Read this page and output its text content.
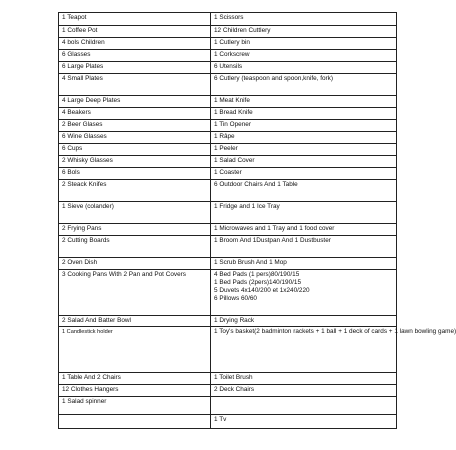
1 Teapot	1 Scissors

1 Coffee Pot	12 Children Cuttlery

4 bols Children	1 Cutlery bin

6 Glasses	1 Corkscrew

6 Large Plates	6 Utensils

4 Small Plates	6 Cutlery (teaspoon and spoon,knife, fork)

4 Large Deep Plates	1 Meat Knife

4 Beakers	1 Bread Knife

2 Beer Glases	1 Tin Opener

6 Wine Glasses	1 Râpe

6 Cups	1 Peeler

2 Whisky Glasses	1 Salad Cover

6 Bols	1 Coaster

2 Steack Knifes	6 Outdoor Chairs And 1 Table

1 Sieve (colander)	1 Fridge and 1 Ice Tray

2 Frying Pans	1 Microwaves and 1 Tray and 1 food cover

2 Cutting Boards	1 Broom And 1Dustpan And 1 Dustbuster

2 Oven Dish	1 Scrub Brush And 1 Mop

3 Cooking Pans With 2 Pan and Pot Covers	4 Bed Pads (1 pers)80/190/15
1 Bed Pads (2pers)140/190/15
5 Duvets 4x140/200 et 1x240/220
6 Pillows 60/60

2 Salad And Batter Bowl	1 Drying Rack

1 Candlestick holder	1 Toy's basket(2 badminton rackets + 1 ball + 1 deck of cards + 1 lawn bowling game)

1 Table And 2 Chairs	1 Toilet Brush

12 Clothes Hangers	2 Deck Chairs

1 Salad spinner	

	1 Tv
